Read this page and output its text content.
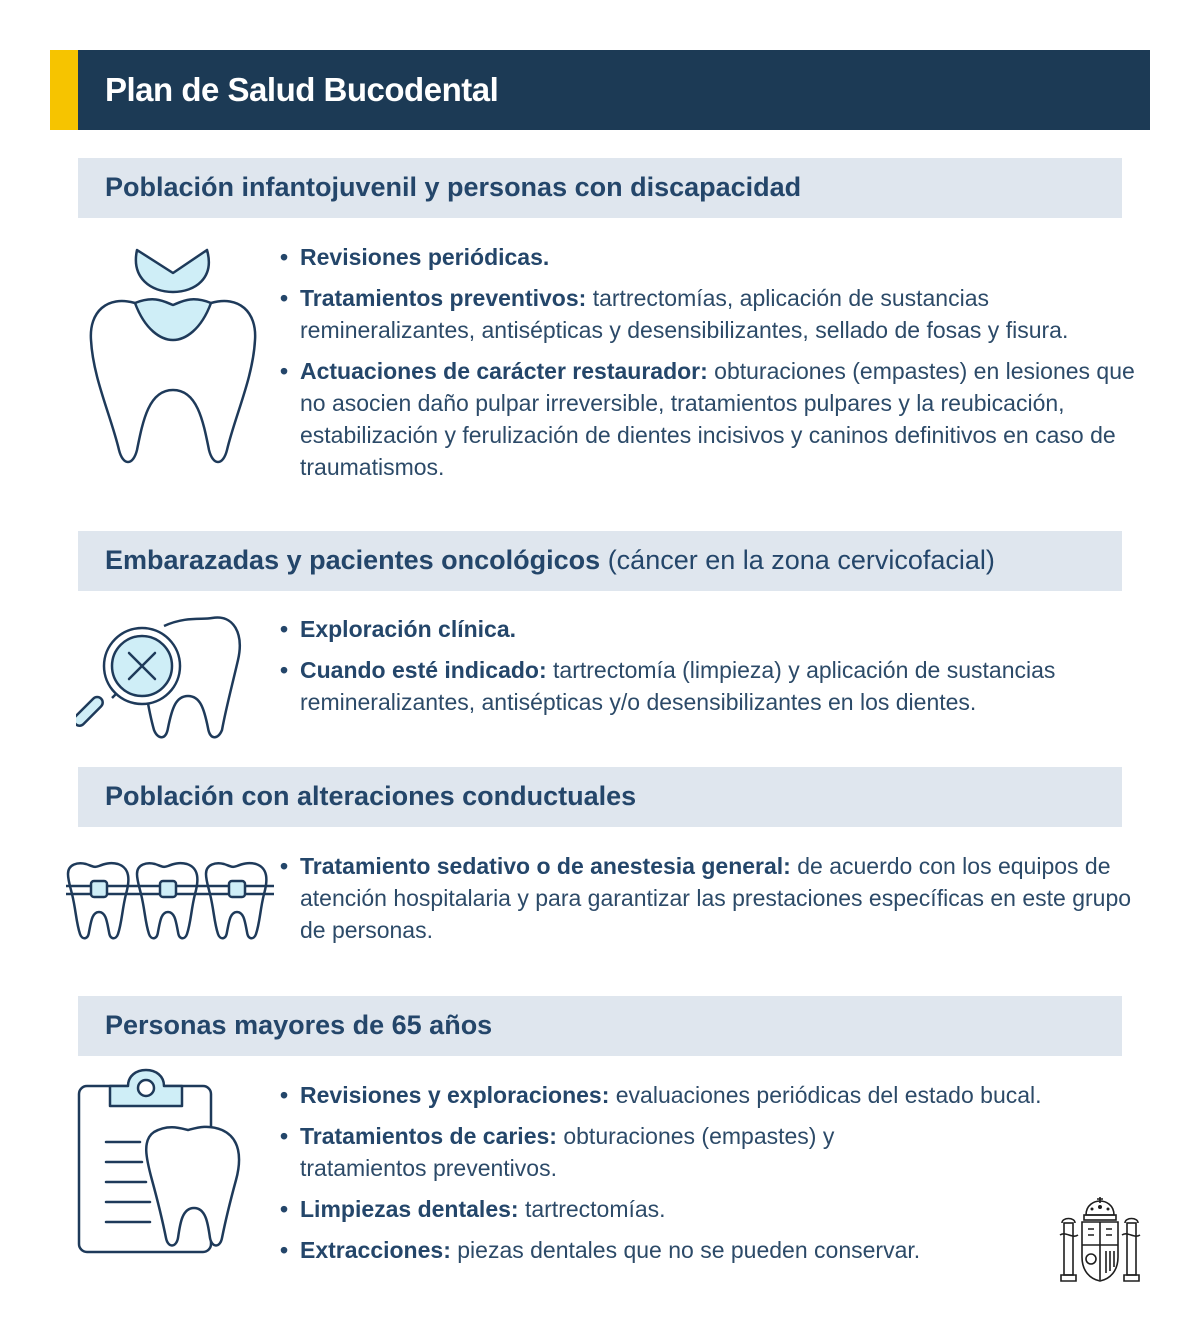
Plan de Salud Bucodental
Población infantojuvenil y personas con discapacidad
• Revisiones periódicas.
• Tratamientos preventivos: tartrectomías, aplicación de sustancias remineralizantes, antisépticas y desensibilizantes, sellado de fosas y fisura.
• Actuaciones de carácter restaurador: obturaciones (empastes) en lesiones que no asocien daño pulpar irreversible, tratamientos pulpares y la reubicación, estabilización y ferulización de dientes incisivos y caninos definitivos en caso de traumatismos.
Embarazadas y pacientes oncológicos (cáncer en la zona cervicofacial)
• Exploración clínica.
• Cuando esté indicado: tartrectomía (limpieza) y aplicación de sustancias remineralizantes, antisépticas y/o desensibilizantes en los dientes.
Población con alteraciones conductuales
• Tratamiento sedativo o de anestesia general: de acuerdo con los equipos de atención hospitalaria y para garantizar las prestaciones específicas en este grupo de personas.
Personas mayores de 65 años
• Revisiones y exploraciones: evaluaciones periódicas del estado bucal.
• Tratamientos de caries: obturaciones (empastes) y tratamientos preventivos.
• Limpiezas dentales: tartrectomías.
• Extracciones: piezas dentales que no se pueden conservar.
